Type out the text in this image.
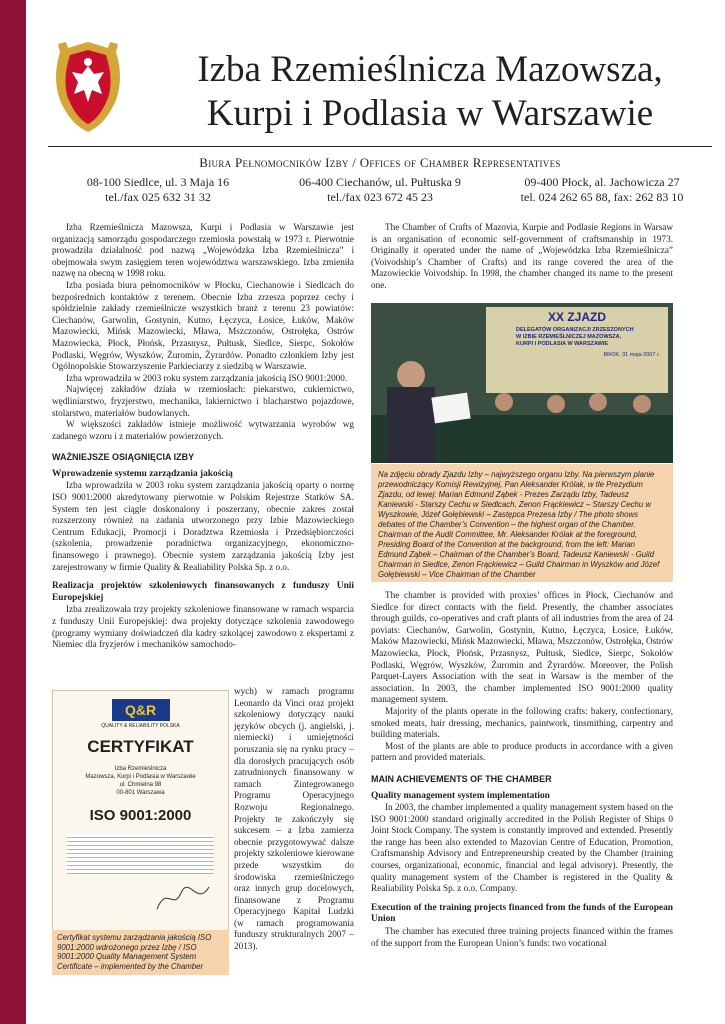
Izba Rzemieślnicza Mazowsza,
Kurpi i Podlasia w Warszawie
Biura Pełnomocników Izby / Offices of Chamber Representatives
08-100 Siedlce, ul. 3 Maja 16
tel./fax 025 632 31 32
06-400 Ciechanów, ul. Pułtuska 9
tel./fax 023 672 45 23
09-400 Płock, al. Jachowicza 27
tel. 024 262 65 88, fax: 262 83 10

Izba Rzemieślnicza Mazowsza, Kurpi i Podlasia w Warszawie jest organizacją samorządu gospodarczego rzemiosła powstałą w 1973 r. Pierwotnie prowadziła działalność pod nazwą „Wojewódzka Izba Rzemieślnicza” i obejmowała swym zasięgiem teren województwa warszawskiego. Izba zmieniła nazwę na obecną w 1998 roku.

Izba posiada biura pełnomocników w Płocku, Ciechanowie i Siedlcach do bezpośrednich kontaktów z terenem. Obecnie Izba zrzesza poprzez cechy i spółdzielnie zakłady rzemieślnicze wszystkich branż z terenu 23 powiatów: Ciechanów, Garwolin, Gostynin, Kutno, Łęczyca, Łosice, Łuków, Maków Mazowiecki, Mińsk Mazowiecki, Mława, Mszczonów, Ostrołęka, Ostrów Mazowiecka, Płock, Płońsk, Przasnysz, Pułtusk, Siedlce, Sierpc, Sokołów Podlaski, Węgrów, Wyszków, Żuromin, Żyrardów. Ponadto członkiem Izby jest Ogólnopolskie Stowarzyszenie Parkieciarzy z siedzibą w Warszawie.

Izba wprowadziła w 2003 roku system zarządzania jakością ISO 9001:2000.

Najwięcej zakładów działa w rzemiosłach: piekarstwo, cukiernictwo, wędliniarstwo, fryzjerstwo, mechanika, lakiernictwo i blacharstwo pojazdowe, stolarstwo, materiałów budowlanych.

W większości zakładów istnieje możliwość wytwarzania wyrobów wg zadanego wzoru i z materiałów powierzonych.

WAŻNIEJSZE OSIĄGNIĘCIA IZBY
Wprowadzenie systemu zarządzania jakością

Izba wprowadziła w 2003 roku system zarządzania jakością oparty o normę ISO 9001:2000 akredytowany pierwotnie w Polskim Rejestrze Statków SA. System ten jest ciągle doskonalony i poszerzany, obecnie zakres został rozszerzony również na zadania utworzonego przy Izbie Mazowieckiego Centrum Edukacji, Promocji i Doradztwa Rzemiosła i Przedsiębiorczości (szkolenia, prowadzenie poradnictwa organizacyjnego, ekonomiczno-finansowego i prawnego). Obecnie system zarządzania jakością Izby jest zarejestrowany w firmie Quality & Realiability Polska Sp. z o.o.

Realizacja projektów szkoleniowych finansowanych z funduszy Unii Europejskiej

Izba zrealizowała trzy projekty szkoleniowe finansowane w ramach wsparcia z funduszy Unii Europejskiej: dwa projekty dotyczące szkolenia zawodowego (programy wymiany doświadczeń dla kadry szkolącej zawodowo z ekspertami z Niemiec dla fryzjerów i mechaników samochodo-

wych) w ramach programu Leonardo da Vinci oraz projekt szkoleniowy dotyczący nauki języków obcych (j. angielski, j. niemiecki) i umiejętności poruszania się na rynku pracy – dla dorosłych pracujących osób zatrudnionych finansowany w ramach Zintegrowanego Programu Operacyjnego Rozwoju Regionalnego. Projekty te zakończyły się sukcesem – a Izba zamierza obecnie przygotowywać dalsze projekty szkoleniowe kierowane przede wszystkim do środowiska rzemieślniczego oraz innych grup docelowych, finansowane z Programu Operacyjnego Kapitał Ludzki (w ramach programowania funduszy strukturalnych 2007 – 2013).

Q&R
QUALITY & RELIABILITY POLSKA
CERTYFIKAT
Izba Rzemieślnicza
Mazowsza, Kurpi i Podlasia w Warszawie
ul. Chmielna 98
00-801 Warszawa
ISO 9001:2000

Certyfikat systemu zarządzania jakością ISO 9001:2000 wdrożonego przez Izbę / ISO 9001:2000 Quality Management System Certificate – implemented by the Chamber

The Chamber of Crafts of Mazovia, Kurpie and Podlasie Regions in Warsaw is an organisation of economic self-government of craftsmanship in 1973. Originally it operated under the name of „Wojewódzka Izba Rzemieślnicza” (Voivodship’s Chamber of Crafts) and its range covered the area of the Mazowieckie Voivodship. In 1998, the chamber changed its name to the present one.

XX ZJAZD
DELEGATÓW ORGANIZACJI ZRZESZONYCH W IZBIE RZEMIEŚLNICZEJ MAZOWSZA, KURPI I PODLASIA W WARSZAWIE
BROK, 31 maja 2007 r.

Na zdjęciu obrady Zjazdu Izby – najwyższego organu Izby. Na pierwszym planie przewodniczący Komisji Rewizyjnej, Pan Aleksander Królak, w tle Prezydium Zjazdu, od lewej: Marian Edmund Ząbek - Prezes Zarządu Izby, Tadeusz Kaniewski - Starszy Cechu w Siedlcach, Zenon Frąckiewicz – Starszy Cechu w Wyszkowie, Józef Gołębiewski – Zastępca Prezesa Izby / The photo shows debates of the Chamber’s Convention – the highest organ of the Chamber. Chairman of the Audit Committee, Mr. Aleksander Królak at the foreground, Presiding Board of the Convention at the background, from the left: Marian Edmund Ząbek – Chairman of the Chamber’s Board, Tadeusz Kaniewski - Guild Chairman in Siedlce, Zenon Frąckiewicz – Guild Chairman in Wyszków and Józef Gołębiewski – Vice Chairman of the Chamber

The chamber is provided with proxies’ offices in Płock, Ciechanów and Siedlce for direct contacts with the field. Presently, the chamber associates through guilds, co-operatives and craft plants of all industries from the area of 24 poviats: Ciechanów, Garwolin, Gostynin, Kutno, Łęczyca, Łosice, Łuków, Maków Mazowiecki, Mińsk Mazowiecki, Mława, Mszczonów, Ostrołęka, Ostrów Mazowiecka, Płock, Płońsk, Przasnysz, Pułtusk, Siedlce, Sierpc, Sokołów Podlaski, Węgrów, Wyszków, Żuromin and Żyrardów. Moreover, the Polish Parquet-Layers Association with the seat in Warsaw is the member of the association. In 2003, the chamber implemented ISO 9001:2000 quality management system.

Majority of the plants operate in the following crafts: bakery, confectionary, smoked meats, hair dressing, mechanics, paintwork, tinsmithing, carpentry and building materials.

Most of the plants are able to produce products in accordance with a given pattern and provided materials.

MAIN ACHIEVEMENTS OF THE CHAMBER
Quality management system implementation

In 2003, the chamber implemented a quality management system based on the ISO 9001:2000 standard originally accredited in the Polish Register of Ships 0 Joint Stock Company. The system is constantly improved and extended. Presently the range has been also extended to Mazovian Centre of Education, Promotion, Craftsmanship Advisory and Entrepreneurship created by the Chamber (training courses, organizational, economic, financial and legal advisory). Presently, the quality management system of the Chamber is registered in the Quality & Realiability Polska Sp. z o.o. Company.

Execution of the training projects financed from the funds of the European Union

The chamber has executed three training projects financed within the frames of the support from the European Union’s funds: two vocational
